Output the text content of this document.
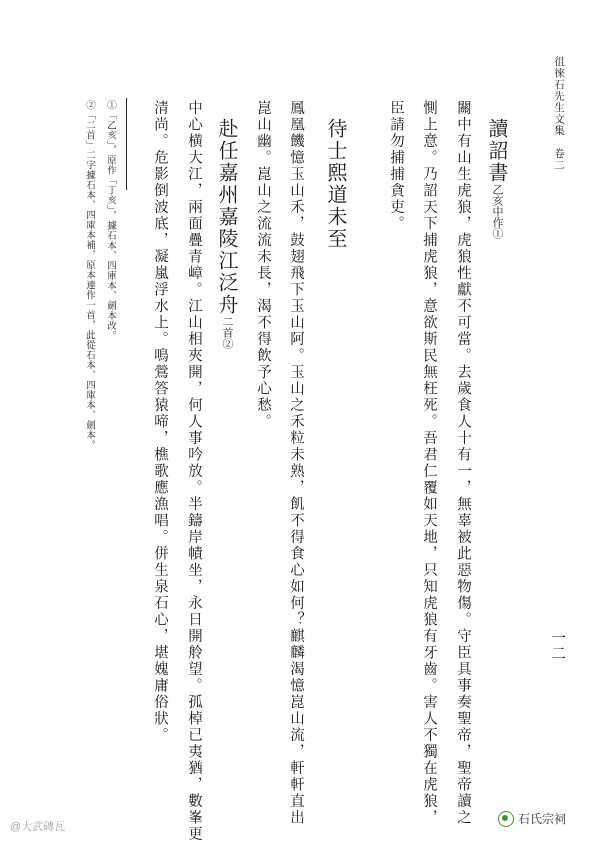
徂徠石先生文集　卷二
一二
讀詔書乙亥中作①
關中有山生虎狼，虎狼性獻不可當。去歲食人十有一，無辜被此惡物傷。守臣具事奏聖帝，聖帝讀之
惻上意。乃詔天下捕虎狼，意欲斯民無枉死。吾君仁覆如天地，只知虎狼有牙齒。害人不獨在虎狼，
臣請勿捕捕貪吏。
待士熙道未至
鳳凰饑憶玉山禾，鼓翅飛下玉山阿。玉山之禾粒未熟，飢不得食心如何？麒麟渴憶崑山流，軒軒直出
崑山幽。崑山之流流未長，渴不得飲予心愁。
赴任嘉州嘉陵江泛舟二首②
中心横大江，兩面疊青嶂。江山相夾開，何人事吟放。半鑄岸幘坐，永日開舲望。孤棹已夷猶，數峯更
清尚。危影倒波底，凝嵐浮水上。鳴鶯答猿啼，樵歌應漁唱。併生泉石心，堪媿庸俗狀。
①「乙亥」，原作「丁亥」，據石本、四庫本、劍本改。
②「二首」二字據石本、四庫本補，原本連作一首，此從石本、四庫本、劍本。
@大武磚瓦
石氏宗祠
